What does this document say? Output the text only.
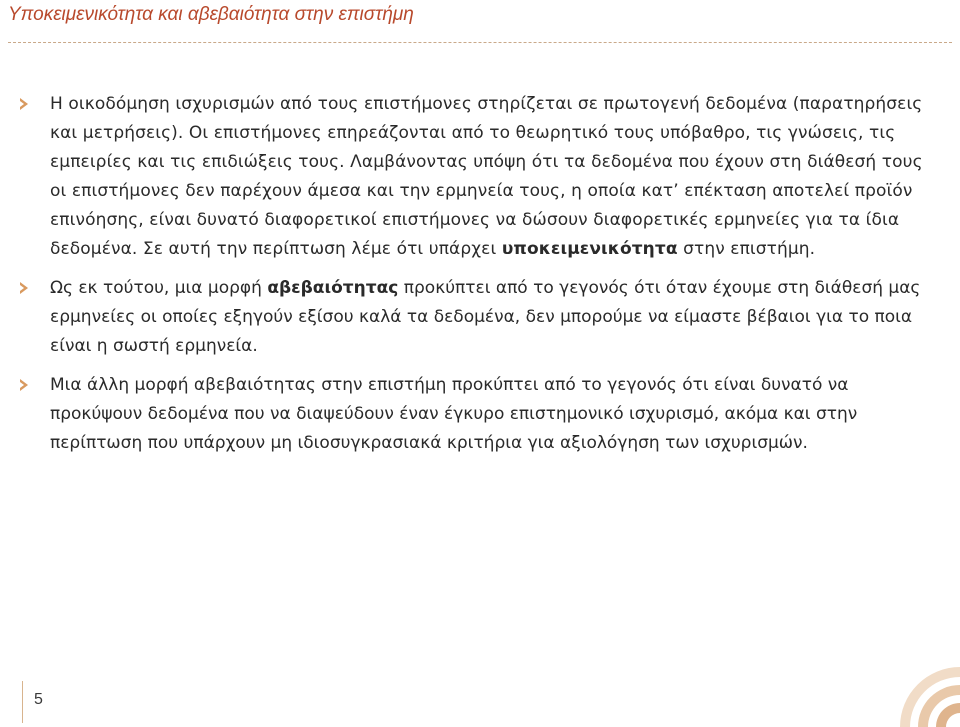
Υποκειμενικότητα και αβεβαιότητα στην επιστήμη
Η οικοδόμηση ισχυρισμών από τους επιστήμονες στηρίζεται σε πρωτογενή δεδομένα (παρατηρήσεις και μετρήσεις). Οι επιστήμονες επηρεάζονται από το θεωρητικό τους υπόβαθρο, τις γνώσεις, τις εμπειρίες και τις επιδιώξεις τους. Λαμβάνοντας υπόψη ότι τα δεδομένα που έχουν στη διάθεσή τους οι επιστήμονες δεν παρέχουν άμεσα και την ερμηνεία τους, η οποία κατ’ επέκταση αποτελεί προϊόν επινόησης, είναι δυνατό διαφορετικοί επιστήμονες να δώσουν διαφορετικές ερμηνείες για τα ίδια δεδομένα. Σε αυτή την περίπτωση λέμε ότι υπάρχει υποκειμενικότητα στην επιστήμη.
Ως εκ τούτου, μια μορφή αβεβαιότητας προκύπτει από το γεγονός ότι όταν έχουμε στη διάθεσή μας ερμηνείες οι οποίες εξηγούν εξίσου καλά τα δεδομένα, δεν μπορούμε να είμαστε βέβαιοι για το ποια είναι η σωστή ερμηνεία.
Μια άλλη μορφή αβεβαιότητας στην επιστήμη προκύπτει από το γεγονός ότι είναι δυνατό να προκύψουν δεδομένα που να διαψεύδουν έναν έγκυρο επιστημονικό ισχυρισμό, ακόμα και στην περίπτωση που υπάρχουν μη ιδιοσυγκρασιακά κριτήρια για αξιολόγηση των ισχυρισμών.
5
